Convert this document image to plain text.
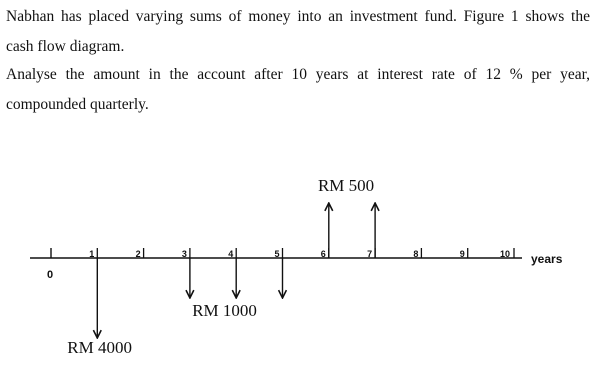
Nabhan has placed varying sums of money into an investment fund. Figure 1 shows the
cash flow diagram.

Analyse the amount in the account after 10 years at interest rate of 12 % per year,
compounded quarterly.

years
0
1	2	3	4	5	6	7	8	9	10
RM 4000
RM 1000
RM 500
